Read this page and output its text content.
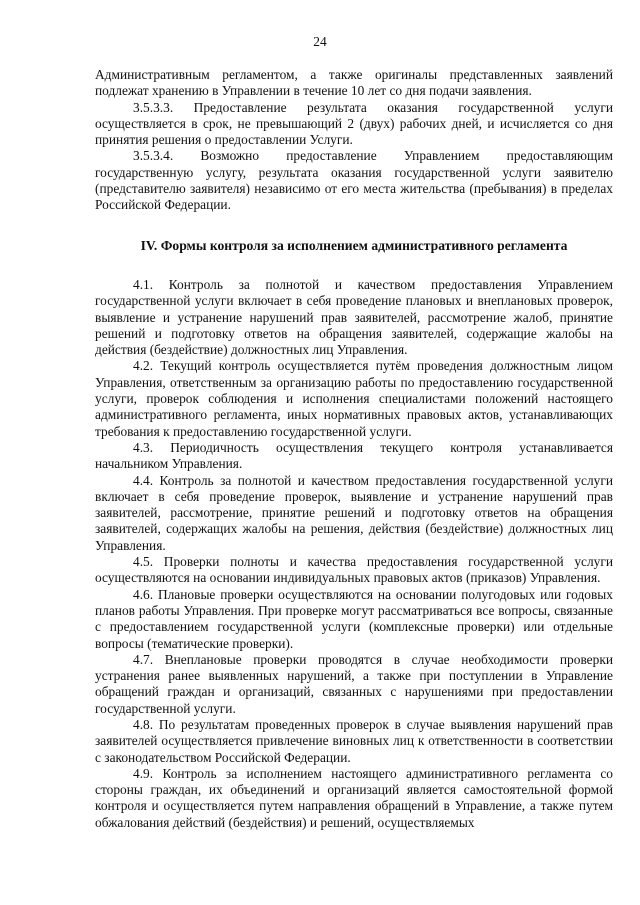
24

Административным регламентом, а также оригиналы представленных заявлений подлежат хранению в Управлении в течение 10 лет со дня подачи заявления.

3.5.3.3. Предоставление результата оказания государственной услуги осуществляется в срок, не превышающий 2 (двух) рабочих дней, и исчисляется со дня принятия решения о предоставлении Услуги.

3.5.3.4. Возможно предоставление Управлением предоставляющим государственную услугу, результата оказания государственной услуги заявителю (представителю заявителя) независимо от его места жительства (пребывания) в пределах Российской Федерации.

IV. Формы контроля за исполнением административного регламента

4.1. Контроль за полнотой и качеством предоставления Управлением государственной услуги включает в себя проведение плановых и внеплановых проверок, выявление и устранение нарушений прав заявителей, рассмотрение жалоб, принятие решений и подготовку ответов на обращения заявителей, содержащие жалобы на действия (бездействие) должностных лиц Управления.

4.2. Текущий контроль осуществляется путём проведения должностным лицом Управления, ответственным за организацию работы по предоставлению государственной услуги, проверок соблюдения и исполнения специалистами положений настоящего административного регламента, иных нормативных правовых актов, устанавливающих требования к предоставлению государственной услуги.

4.3. Периодичность осуществления текущего контроля устанавливается начальником Управления.

4.4. Контроль за полнотой и качеством предоставления государственной услуги включает в себя проведение проверок, выявление и устранение нарушений прав заявителей, рассмотрение, принятие решений и подготовку ответов на обращения заявителей, содержащих жалобы на решения, действия (бездействие) должностных лиц Управления.

4.5. Проверки полноты и качества предоставления государственной услуги осуществляются на основании индивидуальных правовых актов (приказов) Управления.

4.6. Плановые проверки осуществляются на основании полугодовых или годовых планов работы Управления. При проверке могут рассматриваться все вопросы, связанные с предоставлением государственной услуги (комплексные проверки) или отдельные вопросы (тематические проверки).

4.7. Внеплановые проверки проводятся в случае необходимости проверки устранения ранее выявленных нарушений, а также при поступлении в Управление обращений граждан и организаций, связанных с нарушениями при предоставлении государственной услуги.

4.8. По результатам проведенных проверок в случае выявления нарушений прав заявителей осуществляется привлечение виновных лиц к ответственности в соответствии с законодательством Российской Федерации.

4.9. Контроль за исполнением настоящего административного регламента со стороны граждан, их объединений и организаций является самостоятельной формой контроля и осуществляется путем направления обращений в Управление, а также путем обжалования действий (бездействия) и решений, осуществляемых
